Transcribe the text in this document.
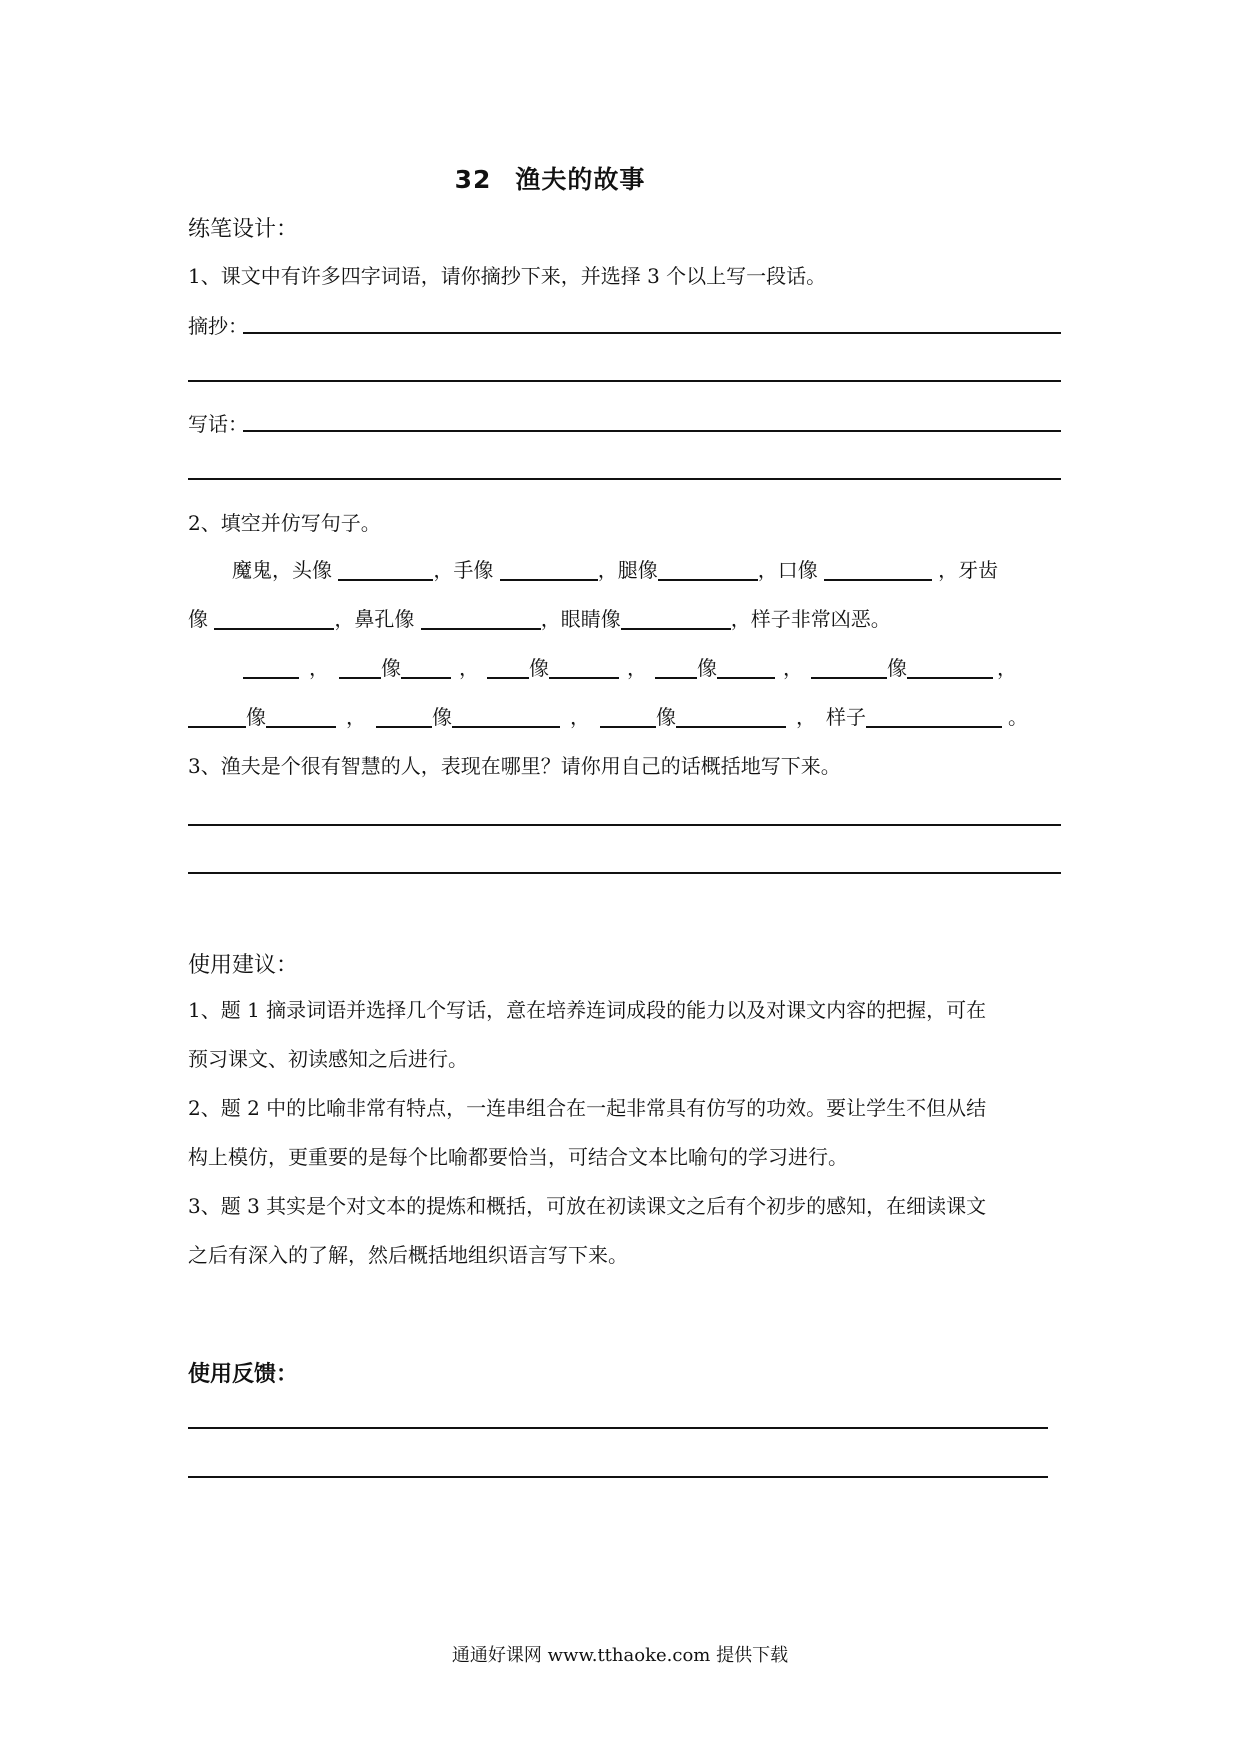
32 渔夫的故事
练笔设计：
1、课文中有许多四字词语，请你摘抄下来，并选择 3 个以上写一段话。
摘抄：
写话：
2、填空并仿写句子。
魔鬼，头像	，手像	，腿像	，口像	，牙齿
像	，鼻孔像	，眼睛像	，样子非常凶恶。
，	像	，	像	，	像	，	像	，
像	，	像	，	像	， 样子	。
3、渔夫是个很有智慧的人，表现在哪里？请你用自己的话概括地写下来。
使用建议：
1、题 1 摘录词语并选择几个写话，意在培养连词成段的能力以及对课文内容的把握，可在
预习课文、初读感知之后进行。
2、题 2 中的比喻非常有特点，一连串组合在一起非常具有仿写的功效。要让学生不但从结
构上模仿，更重要的是每个比喻都要恰当，可结合文本比喻句的学习进行。
3、题 3 其实是个对文本的提炼和概括，可放在初读课文之后有个初步的感知，在细读课文
之后有深入的了解，然后概括地组织语言写下来。
使用反馈：
通通好课网 www.tthaoke.com 提供下载
